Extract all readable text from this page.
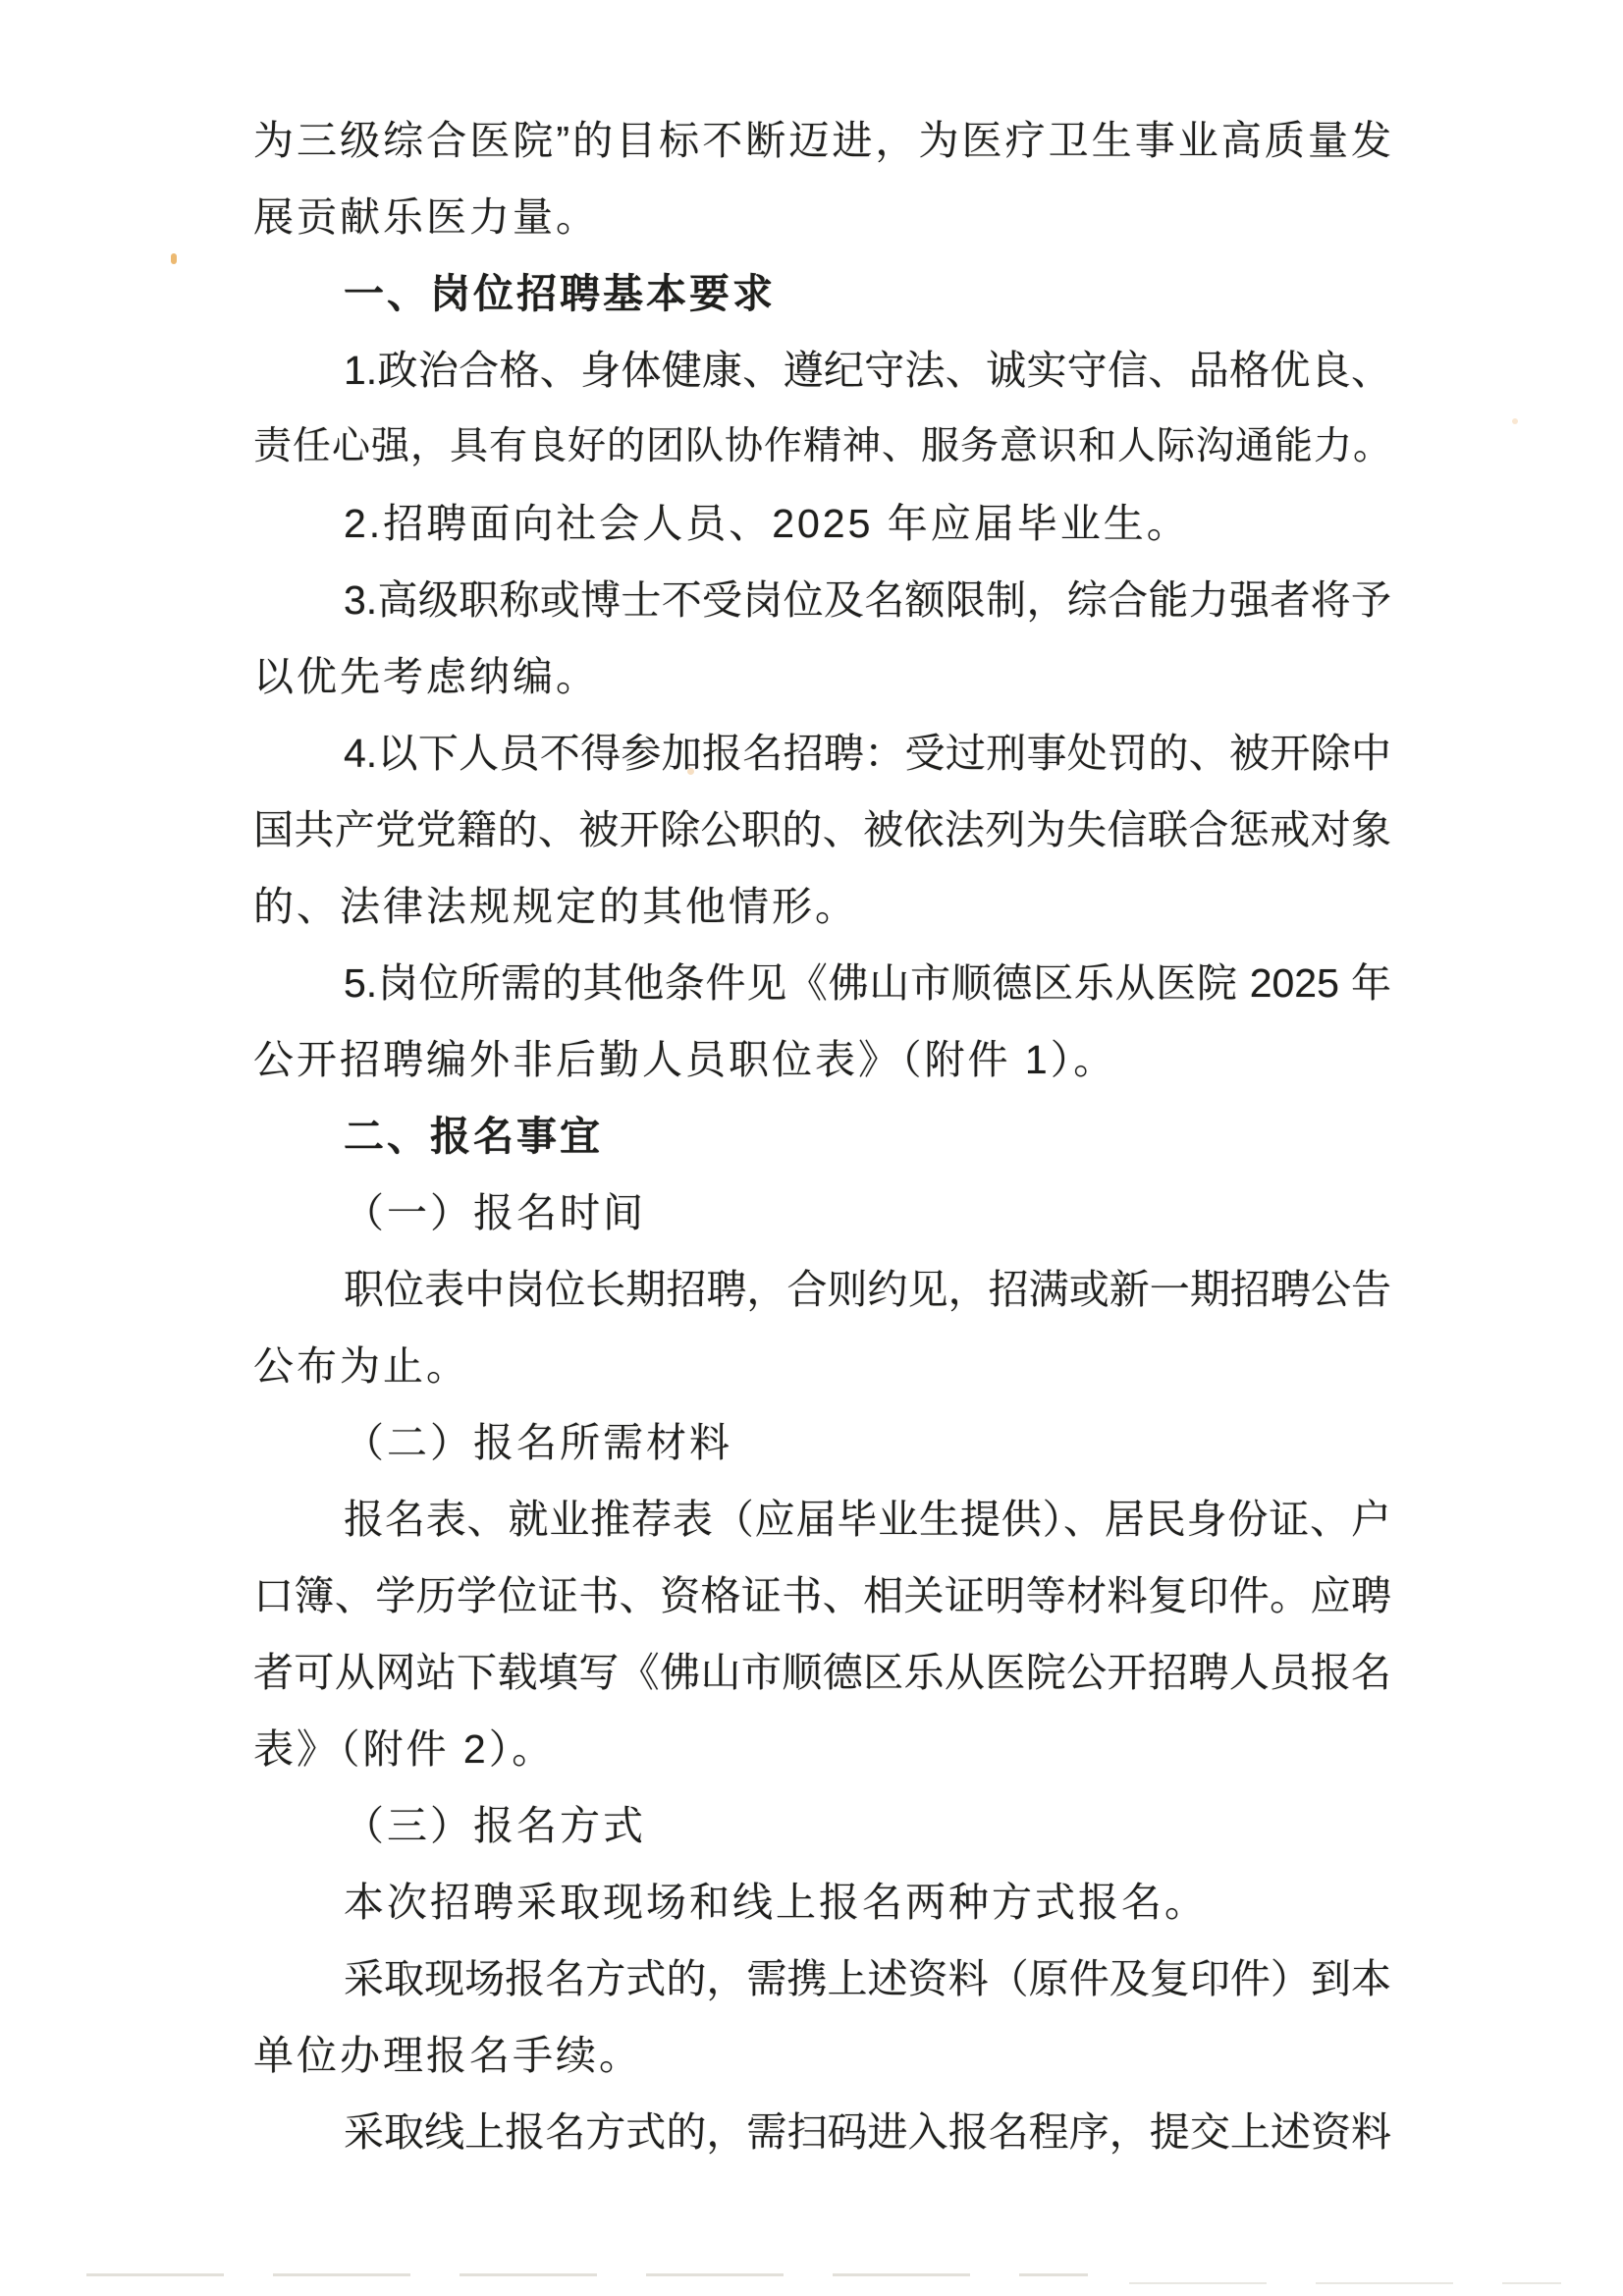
为三级综合医院”的目标不断迈进，为医疗卫生事业高质量发
展贡献乐医力量。
一、岗位招聘基本要求
1.政治合格、身体健康、遵纪守法、诚实守信、品格优良、
责任心强，具有良好的团队协作精神、服务意识和人际沟通能力。
2.招聘面向社会人员、2025 年应届毕业生。
3.高级职称或博士不受岗位及名额限制，综合能力强者将予
以优先考虑纳编。
4.以下人员不得参加报名招聘：受过刑事处罚的、被开除中
国共产党党籍的、被开除公职的、被依法列为失信联合惩戒对象
的、法律法规规定的其他情形。
5.岗位所需的其他条件见《佛山市顺德区乐从医院 2025 年
公开招聘编外非后勤人员职位表》（附件 1）。
二、报名事宜
（一）报名时间
职位表中岗位长期招聘，合则约见，招满或新一期招聘公告
公布为止。
（二）报名所需材料
报名表、就业推荐表（应届毕业生提供）、居民身份证、户
口簿、学历学位证书、资格证书、相关证明等材料复印件。应聘
者可从网站下载填写《佛山市顺德区乐从医院公开招聘人员报名
表》（附件 2）。
（三）报名方式
本次招聘采取现场和线上报名两种方式报名。
采取现场报名方式的，需携上述资料（原件及复印件）到本
单位办理报名手续。
采取线上报名方式的，需扫码进入报名程序，提交上述资料
